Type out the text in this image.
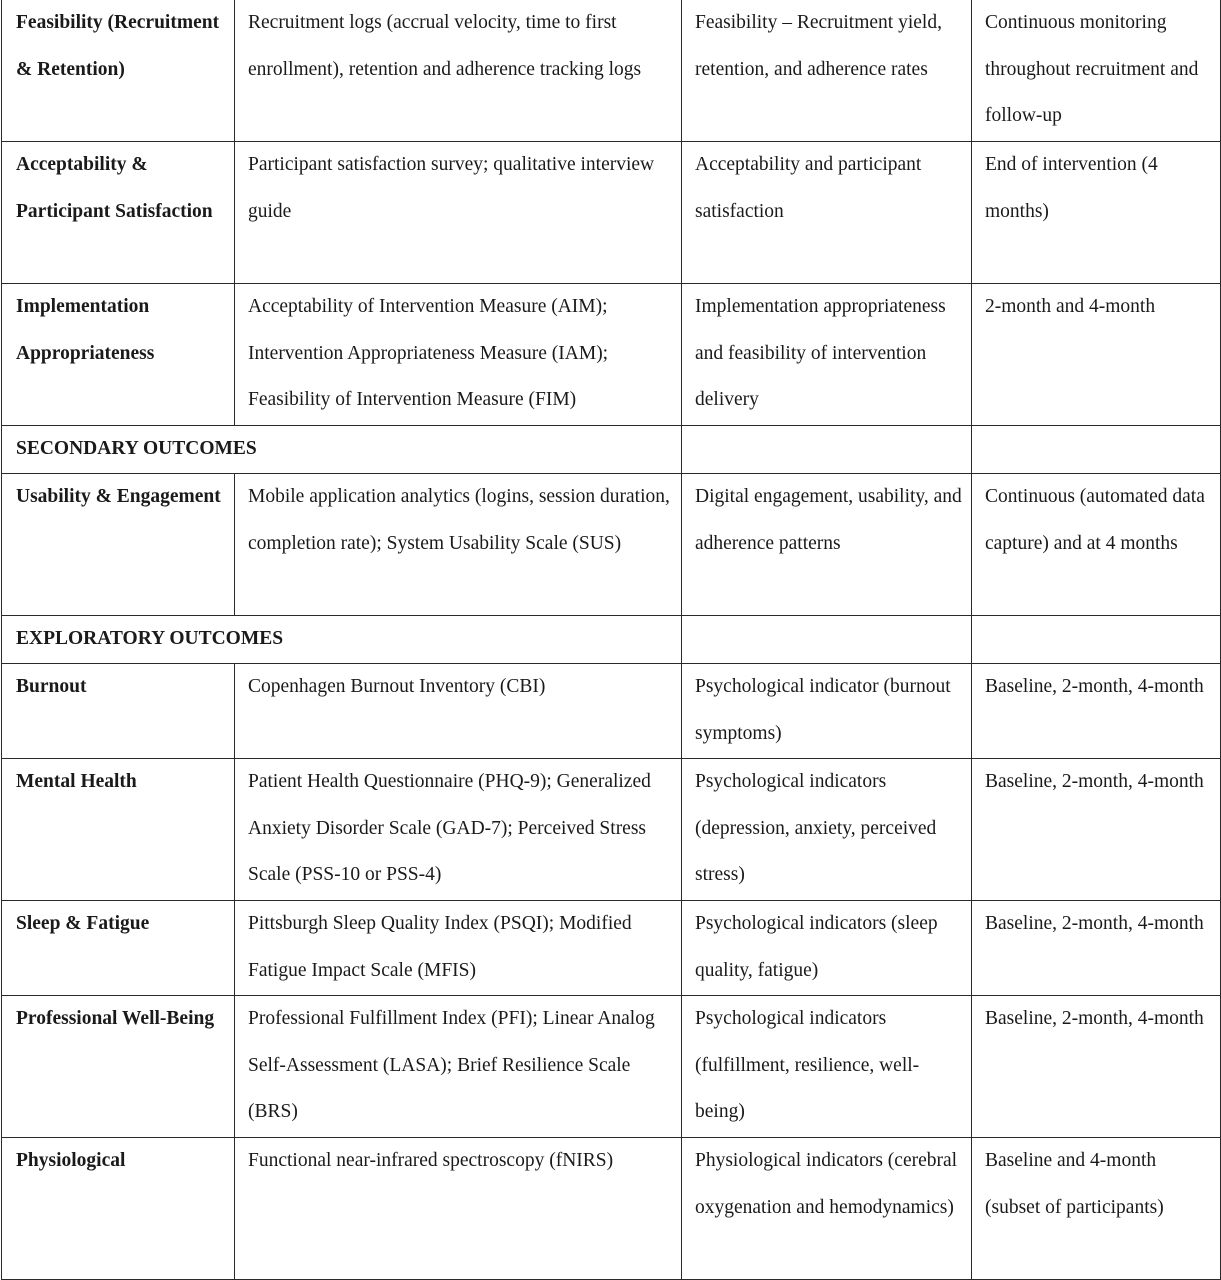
Feasibility (Recruitment & Retention)	Recruitment logs (accrual velocity, time to first enrollment), retention and adherence tracking logs	Feasibility – Recruitment yield, retention, and adherence rates	Continuous monitoring throughout recruitment and follow-up
Acceptability & Participant Satisfaction	Participant satisfaction survey; qualitative interview guide	Acceptability and participant satisfaction	End of intervention (4 months)
Implementation Appropriateness	Acceptability of Intervention Measure (AIM); Intervention Appropriateness Measure (IAM); Feasibility of Intervention Measure (FIM)	Implementation appropriateness and feasibility of intervention delivery	2-month and 4-month
SECONDARY OUTCOMES			
Usability & Engagement	Mobile application analytics (logins, session duration, completion rate); System Usability Scale (SUS)	Digital engagement, usability, and adherence patterns	Continuous (automated data capture) and at 4 months
EXPLORATORY OUTCOMES			
Burnout	Copenhagen Burnout Inventory (CBI)	Psychological indicator (burnout symptoms)	Baseline, 2-month, 4-month
Mental Health	Patient Health Questionnaire (PHQ-9); Generalized Anxiety Disorder Scale (GAD-7); Perceived Stress Scale (PSS-10 or PSS-4)	Psychological indicators (depression, anxiety, perceived stress)	Baseline, 2-month, 4-month
Sleep & Fatigue	Pittsburgh Sleep Quality Index (PSQI); Modified Fatigue Impact Scale (MFIS)	Psychological indicators (sleep quality, fatigue)	Baseline, 2-month, 4-month
Professional Well-Being	Professional Fulfillment Index (PFI); Linear Analog Self-Assessment (LASA); Brief Resilience Scale (BRS)	Psychological indicators (fulfillment, resilience, well-being)	Baseline, 2-month, 4-month
Physiological	Functional near-infrared spectroscopy (fNIRS)	Physiological indicators (cerebral oxygenation and hemodynamics)	Baseline and 4-month (subset of participants)
